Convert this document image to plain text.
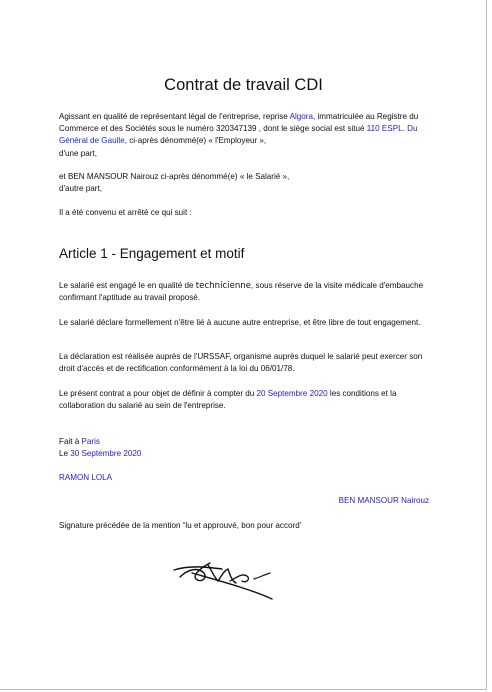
Contrat de travail CDI
Agissant en qualité de représentant légal de l'entreprise, reprise Algora, immatriculée au Registre du Commerce et des Sociétés sous le numéro 320347139 , dont le siège social est situé 110 ESPL. Du Général de Gaulle, ci-après dénommé(e) « l'Employeur »,
d'une part,
et BEN MANSOUR Nairouz ci-après dénommé(e) « le Salarié »,
d'autre part,
Il a été convenu et arrêté ce qui suit :
Article 1 - Engagement et motif
Le salarié est engagé le en qualité de technicienne, sous réserve de la visite médicale d'embauche confirmant l'aptitude au travail proposé.
Le salarié déclare formellement n'être lié à aucune autre entreprise, et être libre de tout engagement.
La déclaration est réalisée auprès de l'URSSAF, organisme auprès duquel le salarié peut exercer son droit d'accès et de rectification conformément à la loi du 06/01/78.
Le présent contrat a pour objet de définir à compter du 20 Septembre 2020 les conditions et la collaboration du salarié au sein de l'entreprise.
Fait à Paris
Le 30 Septembre 2020
RAMON LOLA
BEN MANSOUR Nairouz
Signature précédée de la mention “lu et approuvé, bon pour accord’
